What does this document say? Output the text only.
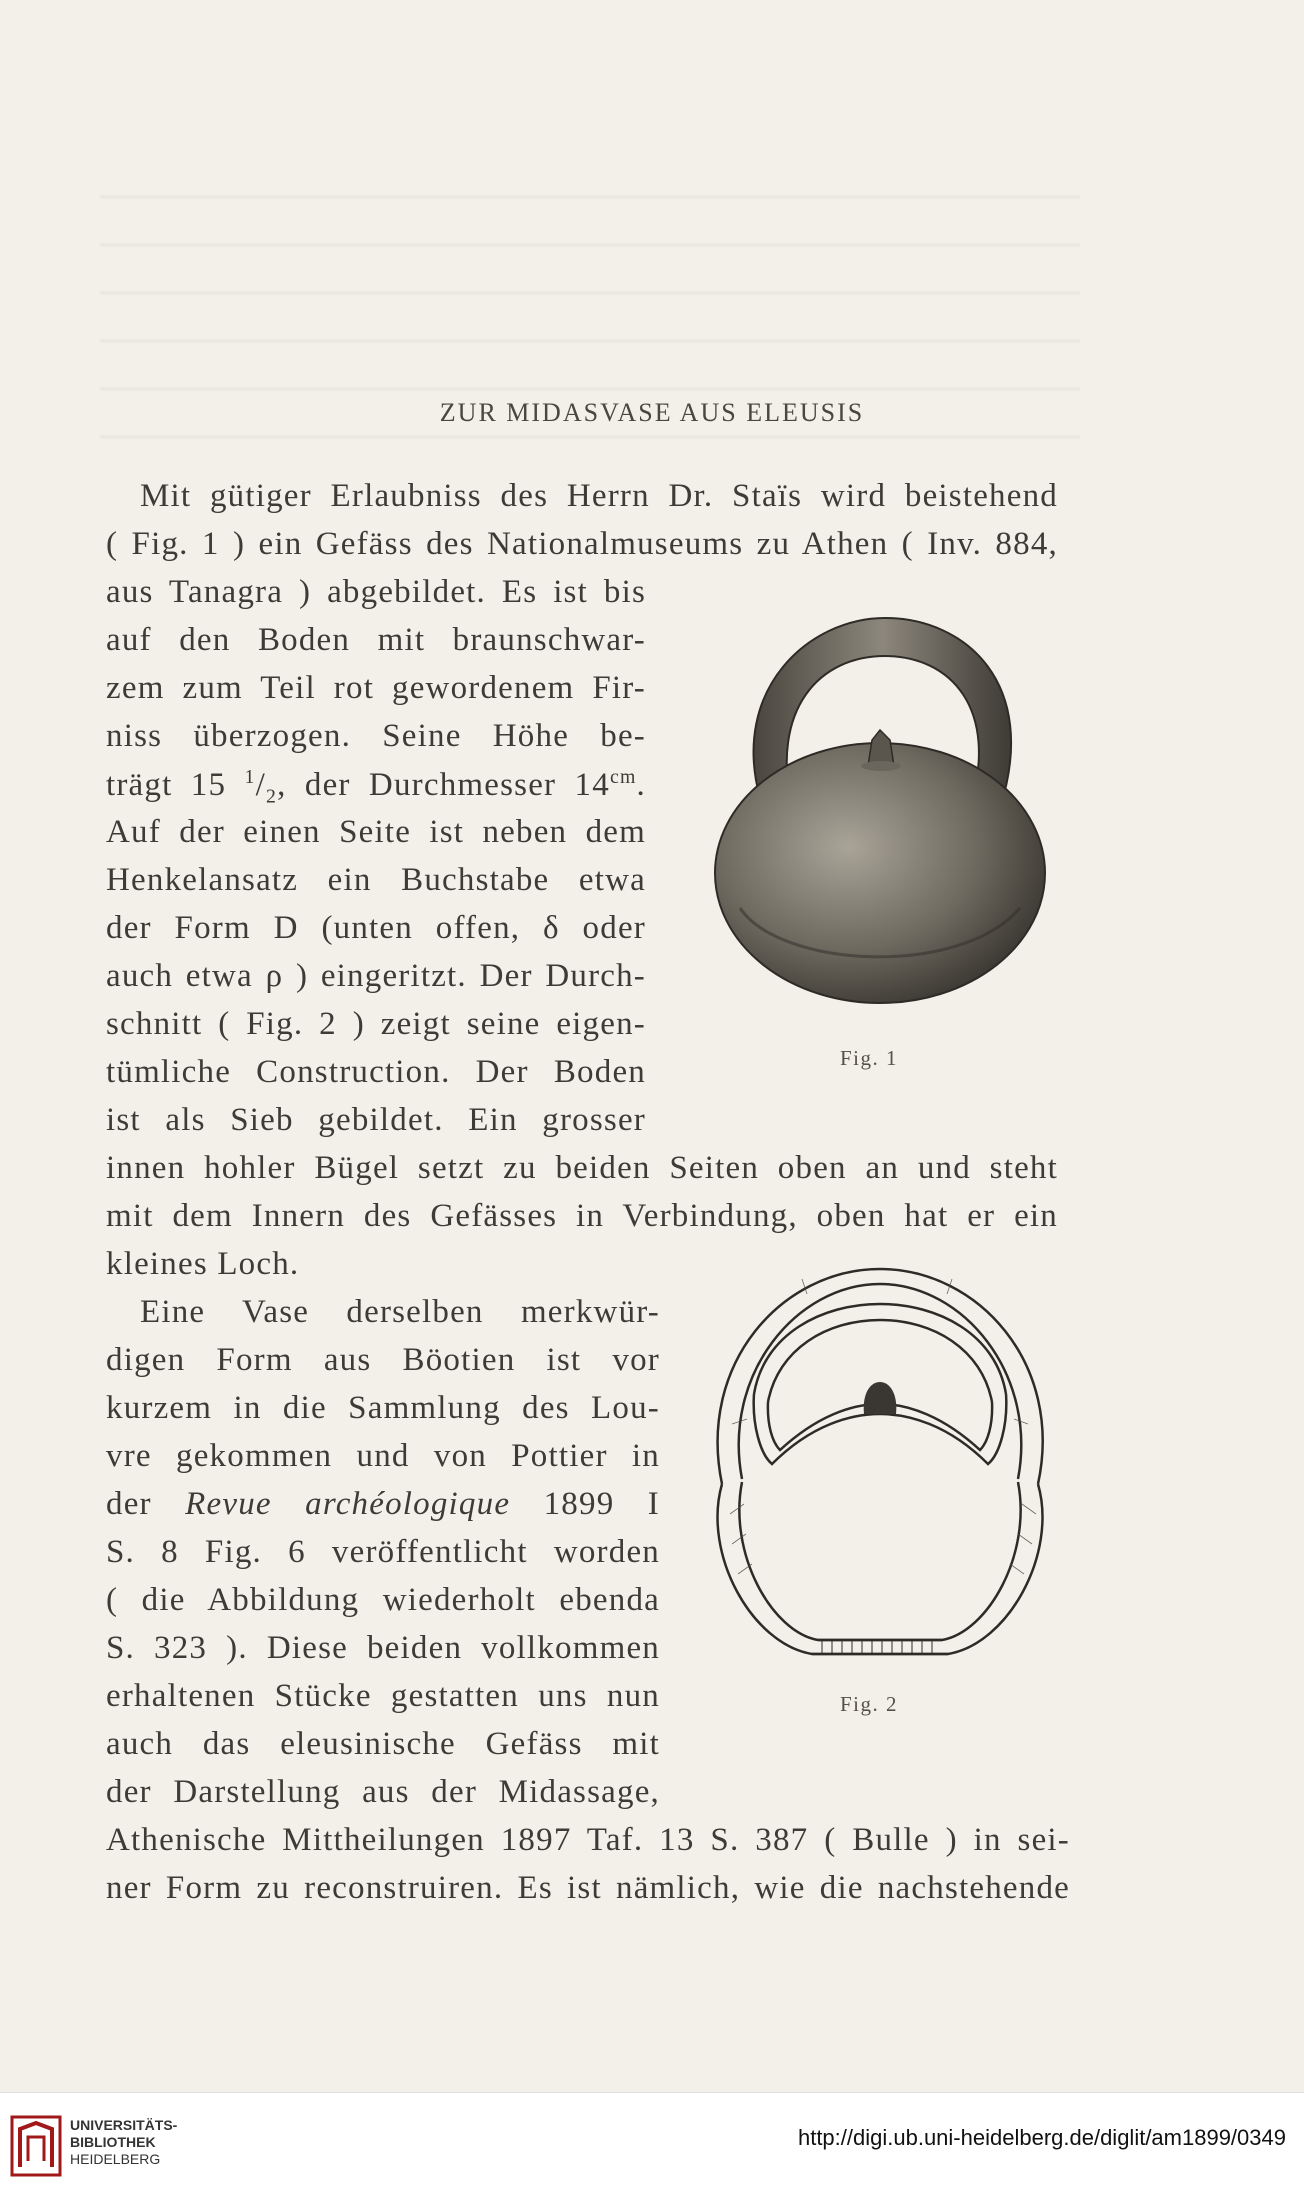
ZUR MIDASVASE AUS ELEUSIS
Mit gütiger Erlaubniss des Herrn Dr. Staïs wird beistehend
( Fig. 1 ) ein Gefäss des Nationalmuseums zu Athen ( Inv. 884,
aus Tanagra ) abgebildet. Es ist bis
auf den Boden mit braunschwar-
zem zum Teil rot gewordenem Fir-
niss überzogen. Seine Höhe be-
trägt 15 $^1/_2$, der Durchmesser $14^{cm}$.
Auf der einen Seite ist neben dem
Henkelansatz ein Buchstabe etwa
der Form D (unten offen, δ oder
auch etwa ρ ) eingeritzt. Der Durch-
schnitt ( Fig. 2 ) zeigt seine eigen-
tümliche Construction. Der Boden
ist als Sieb gebildet. Ein grosser
innen hohler Bügel setzt zu beiden Seiten oben an und steht
mit dem Innern des Gefässes in Verbindung, oben hat er ein
kleines Loch.
Fig. 1
Eine Vase derselben merkwür-
digen Form aus Böotien ist vor
kurzem in die Sammlung des Lou-
vre gekommen und von Pottier in
der Revue archéologique 1899 I
S. 8 Fig. 6 veröffentlicht worden
( die Abbildung wiederholt ebenda
S. 323 ). Diese beiden vollkommen
erhaltenen Stücke gestatten uns nun
auch das eleusinische Gefäss mit
der Darstellung aus der Midassage,
Athenische Mittheilungen 1897 Taf. 13 S. 387 ( Bulle ) in sei-
ner Form zu reconstruiren. Es ist nämlich, wie die nachstehende
Fig. 2
UNIVERSITÄTS-
BIBLIOTHEK
HEIDELBERG
http://digi.ub.uni-heidelberg.de/diglit/am1899/0349
